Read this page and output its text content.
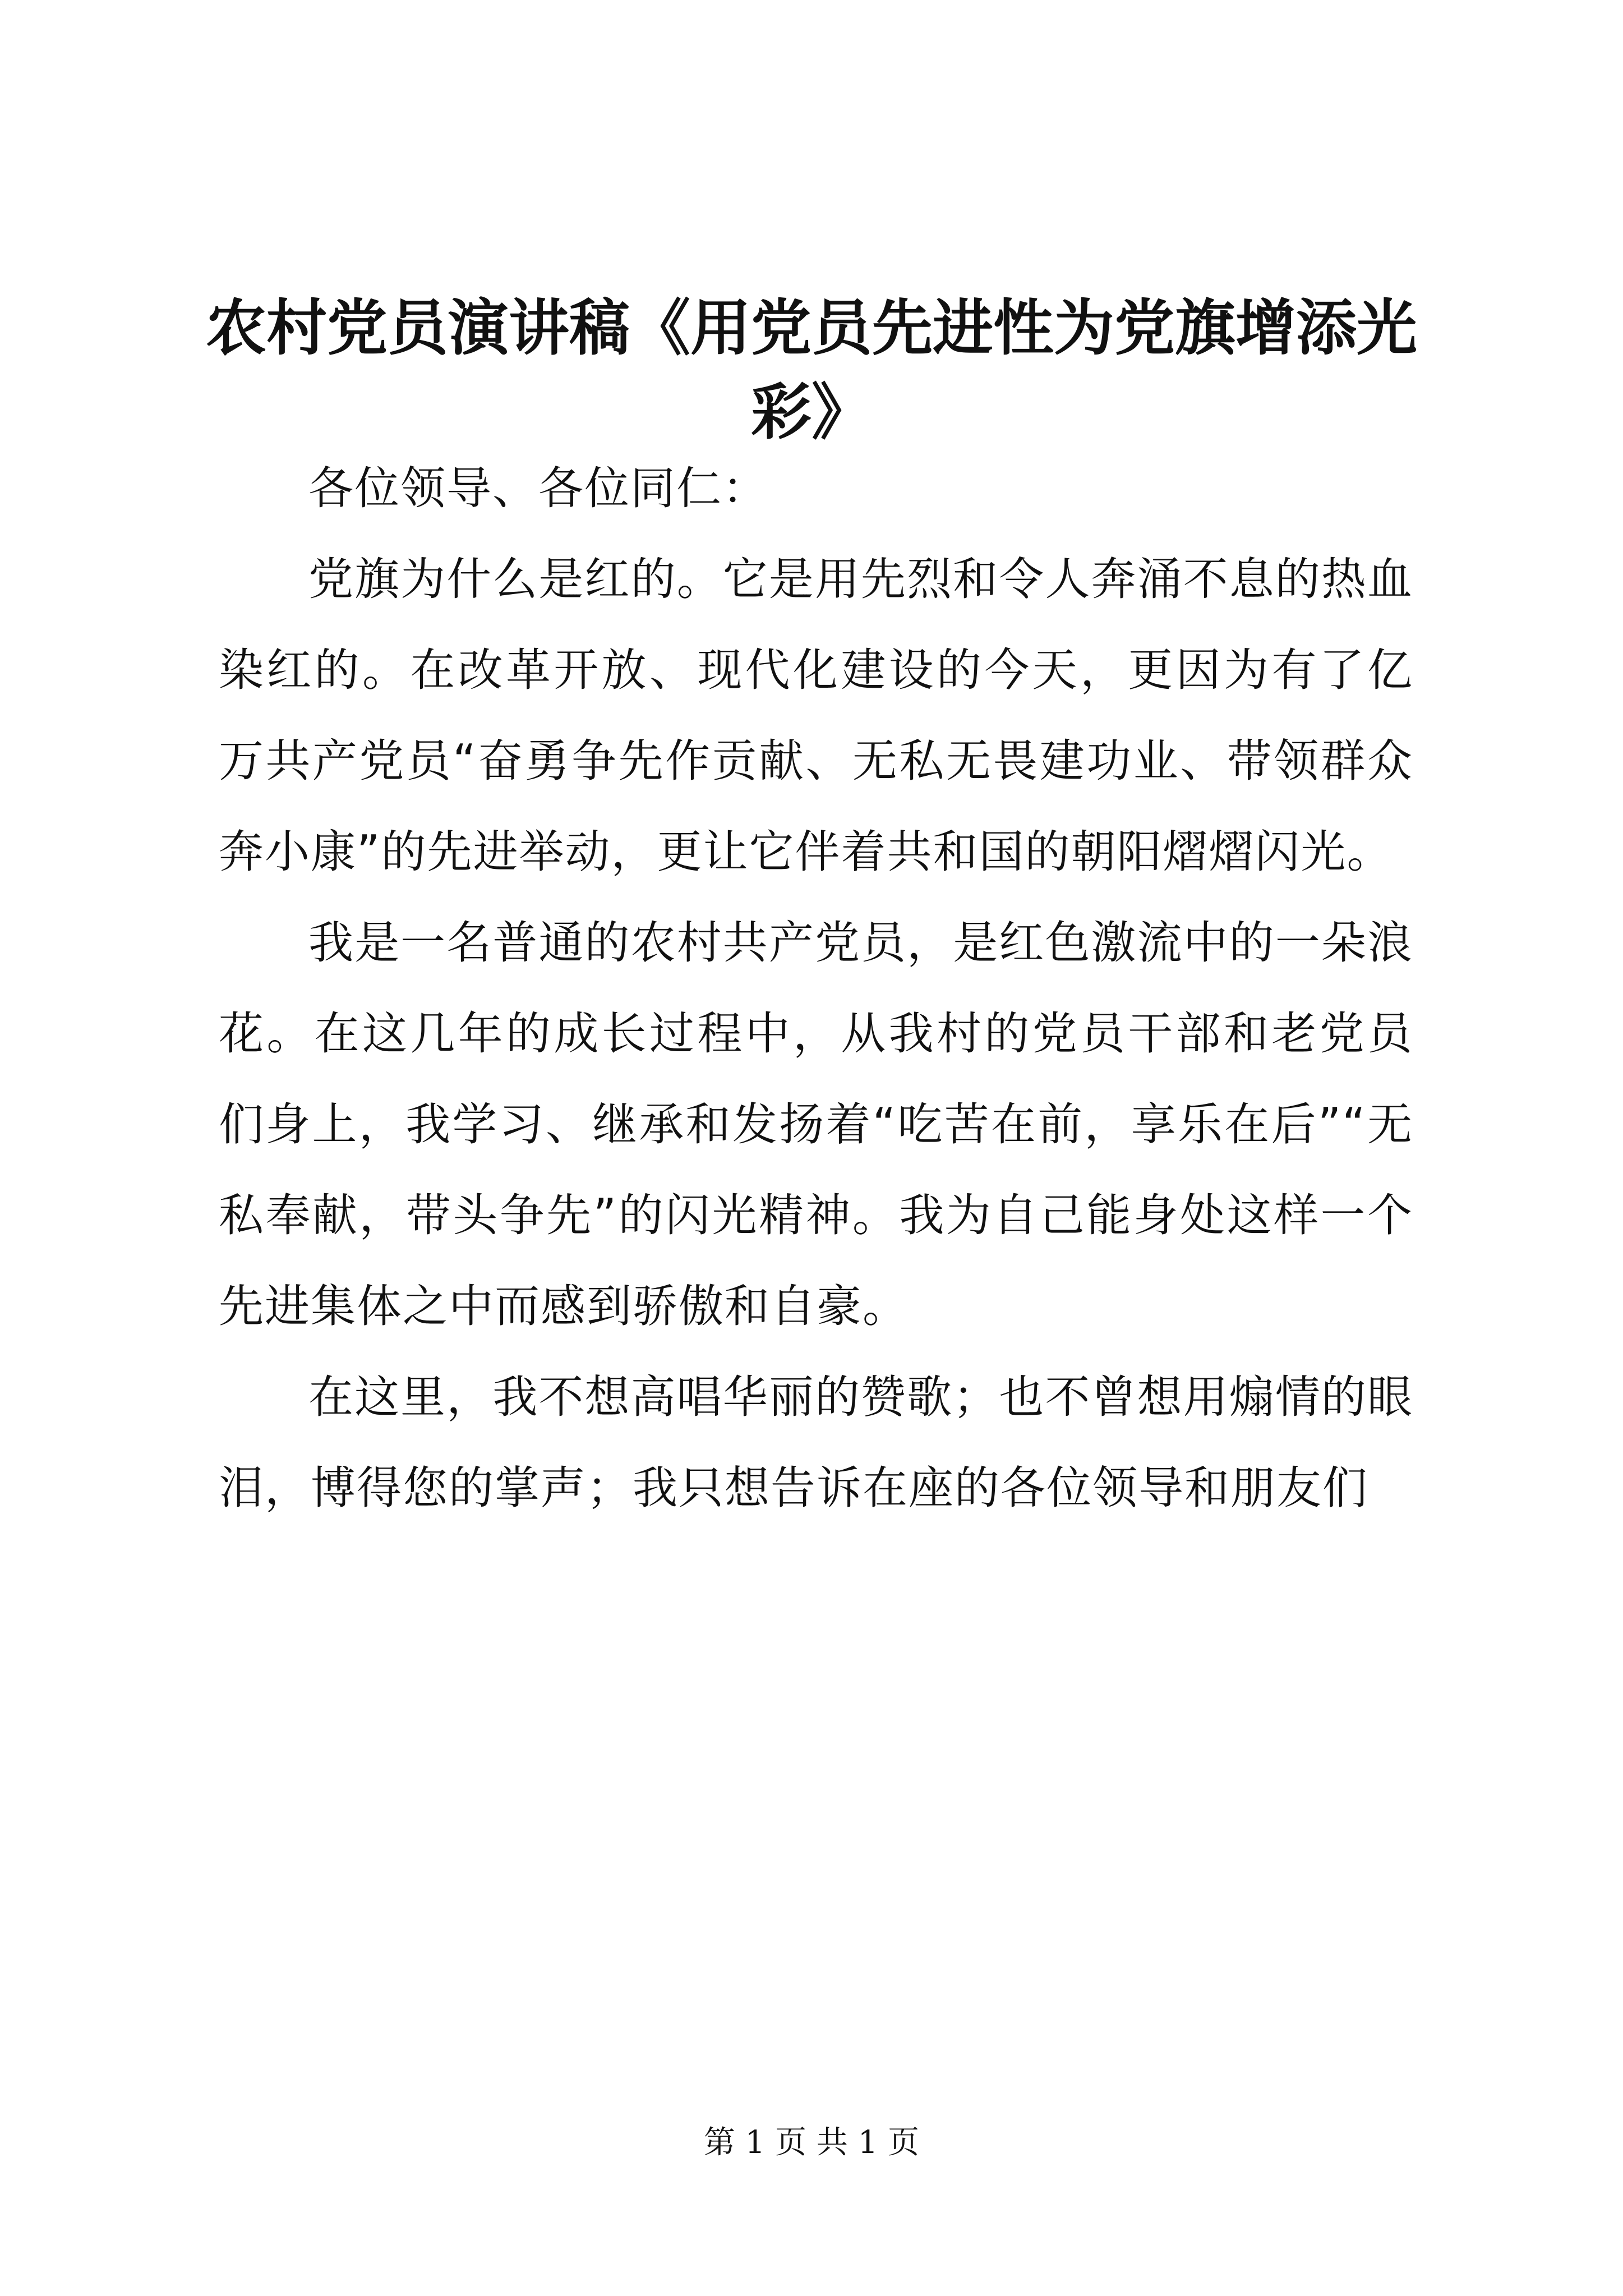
农村党员演讲稿《用党员先进性为党旗增添光彩》

各位领导、各位同仁：

党旗为什么是红的。它是用先烈和令人奔涌不息的热血染红的。在改革开放、现代化建设的今天，更因为有了亿万共产党员“奋勇争先作贡献、无私无畏建功业、带领群众奔小康”的先进举动，更让它伴着共和国的朝阳熠熠闪光。

我是一名普通的农村共产党员，是红色激流中的一朵浪花。在这几年的成长过程中，从我村的党员干部和老党员们身上，我学习、继承和发扬着“吃苦在前，享乐在后”“无私奉献，带头争先”的闪光精神。我为自己能身处这样一个先进集体之中而感到骄傲和自豪。

在这里，我不想高唱华丽的赞歌；也不曾想用煽情的眼泪，博得您的掌声；我只想告诉在座的各位领导和朋友们

第 1 页 共 1 页
